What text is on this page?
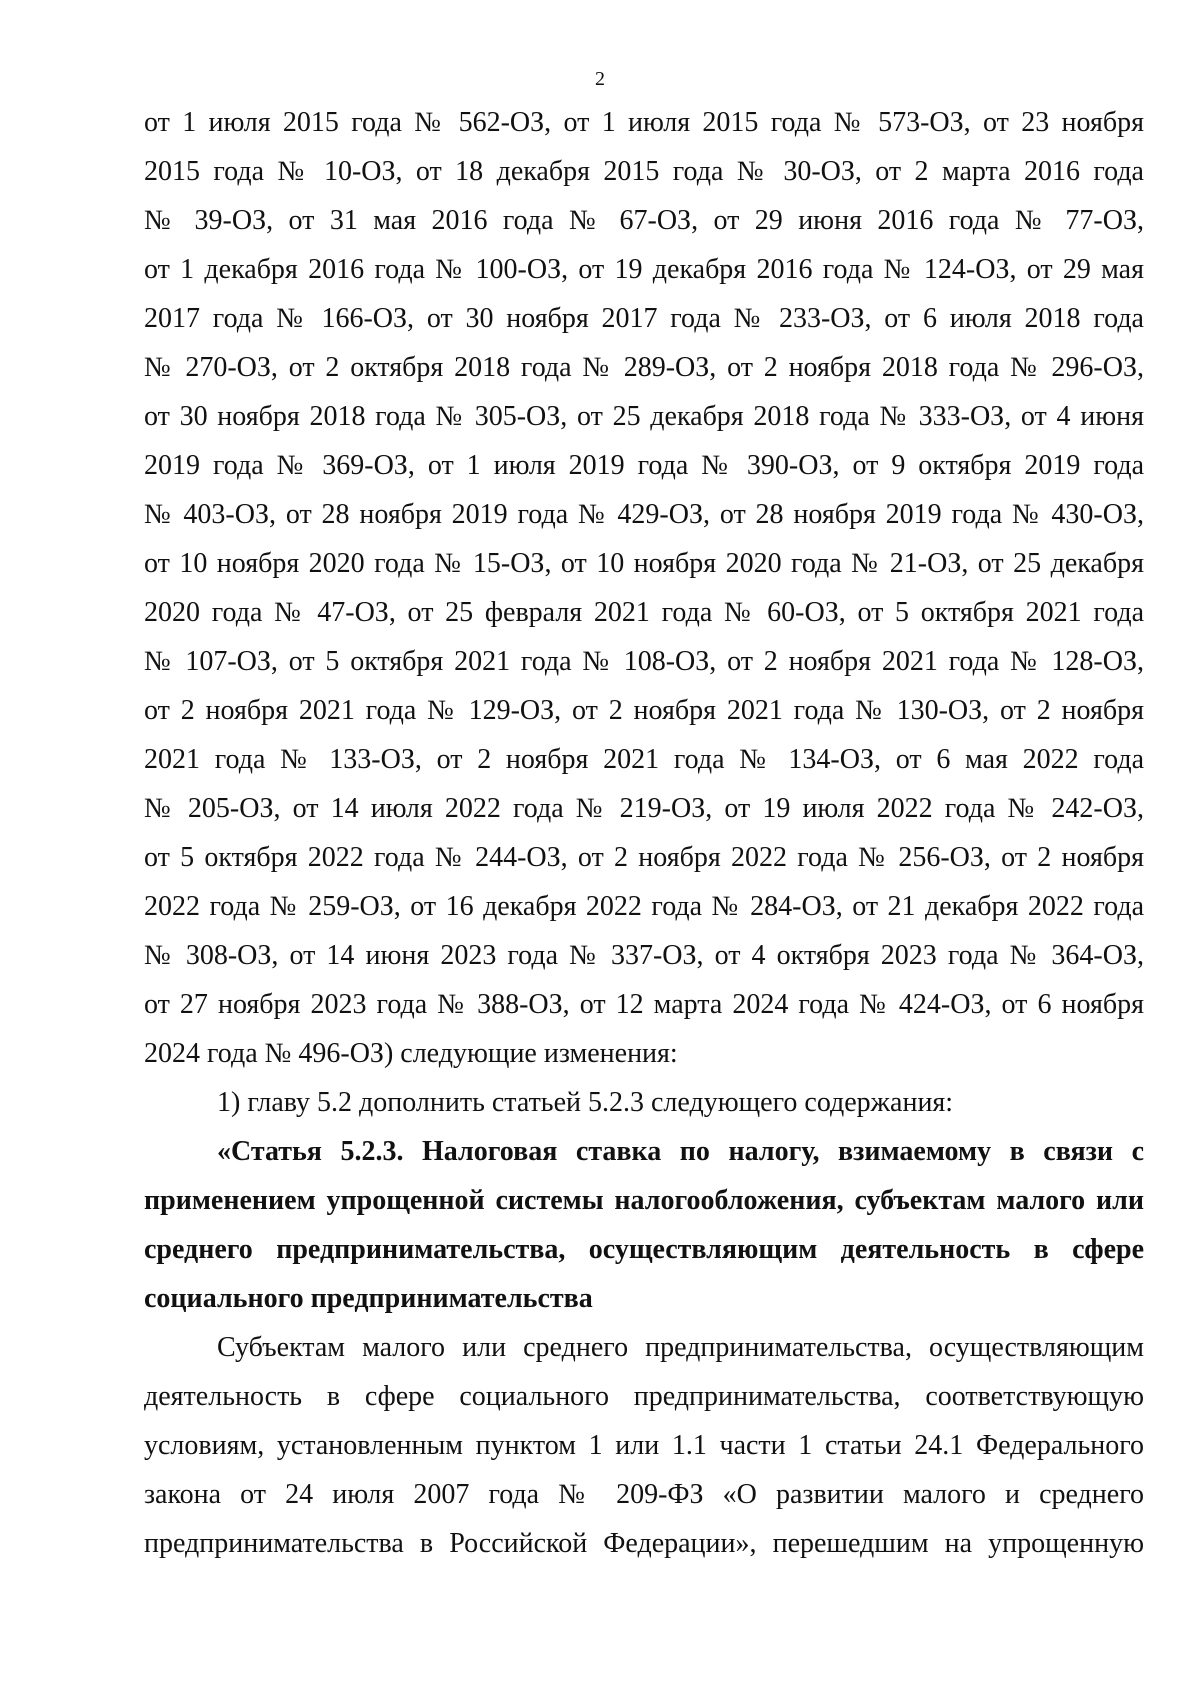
2
от 1 июля 2015 года № 562-ОЗ, от 1 июля 2015 года № 573-ОЗ, от 23 ноября
2015 года № 10-ОЗ, от 18 декабря 2015 года № 30-ОЗ, от 2 марта 2016 года
№ 39-ОЗ, от 31 мая 2016 года № 67-ОЗ, от 29 июня 2016 года № 77-ОЗ,
от 1 декабря 2016 года № 100-ОЗ, от 19 декабря 2016 года № 124-ОЗ, от 29 мая
2017 года № 166-ОЗ, от 30 ноября 2017 года № 233-ОЗ, от 6 июля 2018 года
№ 270-ОЗ, от 2 октября 2018 года № 289-ОЗ, от 2 ноября 2018 года № 296-ОЗ,
от 30 ноября 2018 года № 305-ОЗ, от 25 декабря 2018 года № 333-ОЗ, от 4 июня
2019 года № 369-ОЗ, от 1 июля 2019 года № 390-ОЗ, от 9 октября 2019 года
№ 403-ОЗ, от 28 ноября 2019 года № 429-ОЗ, от 28 ноября 2019 года № 430-ОЗ,
от 10 ноября 2020 года № 15-ОЗ, от 10 ноября 2020 года № 21-ОЗ, от 25 декабря
2020 года № 47-ОЗ, от 25 февраля 2021 года № 60-ОЗ, от 5 октября 2021 года
№ 107-ОЗ, от 5 октября 2021 года № 108-ОЗ, от 2 ноября 2021 года № 128-ОЗ,
от 2 ноября 2021 года № 129-ОЗ, от 2 ноября 2021 года № 130-ОЗ, от 2 ноября
2021 года № 133-ОЗ, от 2 ноября 2021 года № 134-ОЗ, от 6 мая 2022 года
№ 205-ОЗ, от 14 июля 2022 года № 219-ОЗ, от 19 июля 2022 года № 242-ОЗ,
от 5 октября 2022 года № 244-ОЗ, от 2 ноября 2022 года № 256-ОЗ, от 2 ноября
2022 года № 259-ОЗ, от 16 декабря 2022 года № 284-ОЗ, от 21 декабря 2022 года
№ 308-ОЗ, от 14 июня 2023 года № 337-ОЗ, от 4 октября 2023 года № 364-ОЗ,
от 27 ноября 2023 года № 388-ОЗ, от 12 марта 2024 года № 424-ОЗ, от 6 ноября
2024 года № 496-ОЗ) следующие изменения:
1) главу 5.2 дополнить статьей 5.2.3 следующего содержания:
«Статья 5.2.3. Налоговая ставка по налогу, взимаемому в связи с
применением упрощенной системы налогообложения, субъектам малого или
среднего предпринимательства, осуществляющим деятельность в сфере
социального предпринимательства
Субъектам малого или среднего предпринимательства, осуществляющим
деятельность в сфере социального предпринимательства, соответствующую
условиям, установленным пунктом 1 или 1.1 части 1 статьи 24.1 Федерального
закона от 24 июля 2007 года № 209-ФЗ «О развитии малого и среднего
предпринимательства в Российской Федерации», перешедшим на упрощенную
